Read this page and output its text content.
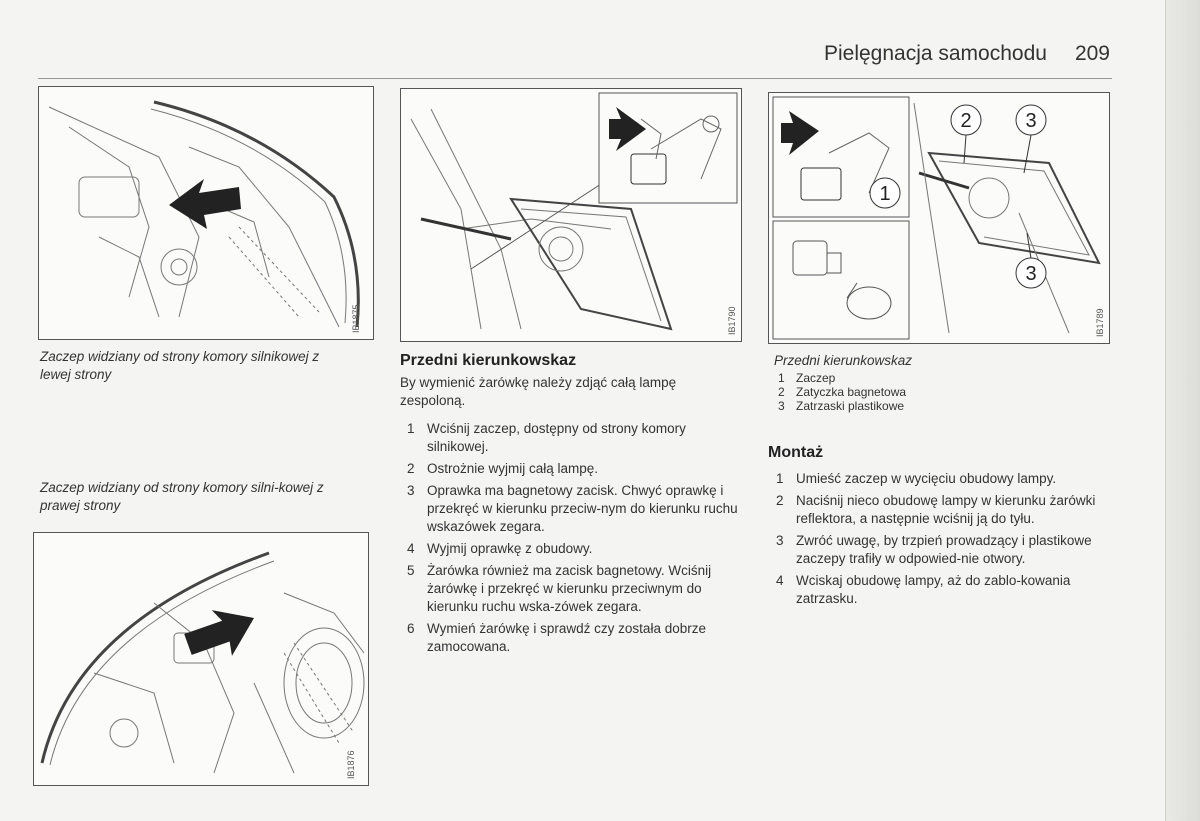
Pielęgnacja samochodu 209
IB1875
Zaczep widziany od strony komory silnikowej z lewej strony
Zaczep widziany od strony komory silni-kowej z prawej strony
IB1876
IB1790
1
2	3
3
IB1789
Przedni kierunkowskaz
1 Zaczep
2 Zatyczka bagnetowa
3 Zatrzaski plastikowe
Przedni kierunkowskaz
By wymienić żarówkę należy zdjąć całą lampę zespoloną.
1 Wciśnij zaczep, dostępny od strony komory silnikowej.
2 Ostrożnie wyjmij całą lampę.
3 Oprawka ma bagnetowy zacisk. Chwyć oprawkę i przekręć w kierunku przeciw-nym do kierunku ruchu wskazówek zegara.
4 Wyjmij oprawkę z obudowy.
5 Żarówka również ma zacisk bagnetowy. Wciśnij żarówkę i przekręć w kierunku przeciwnym do kierunku ruchu wska-zówek zegara.
6 Wymień żarówkę i sprawdź czy została dobrze zamocowana.
Montaż
1 Umieść zaczep w wycięciu obudowy lampy.
2 Naciśnij nieco obudowę lampy w kierunku żarówki reflektora, a następnie wciśnij ją do tyłu.
3 Zwróć uwagę, by trzpień prowadzący i plastikowe zaczepy trafiły w odpowied-nie otwory.
4 Wciskaj obudowę lampy, aż do zablo-kowania zatrzasku.
